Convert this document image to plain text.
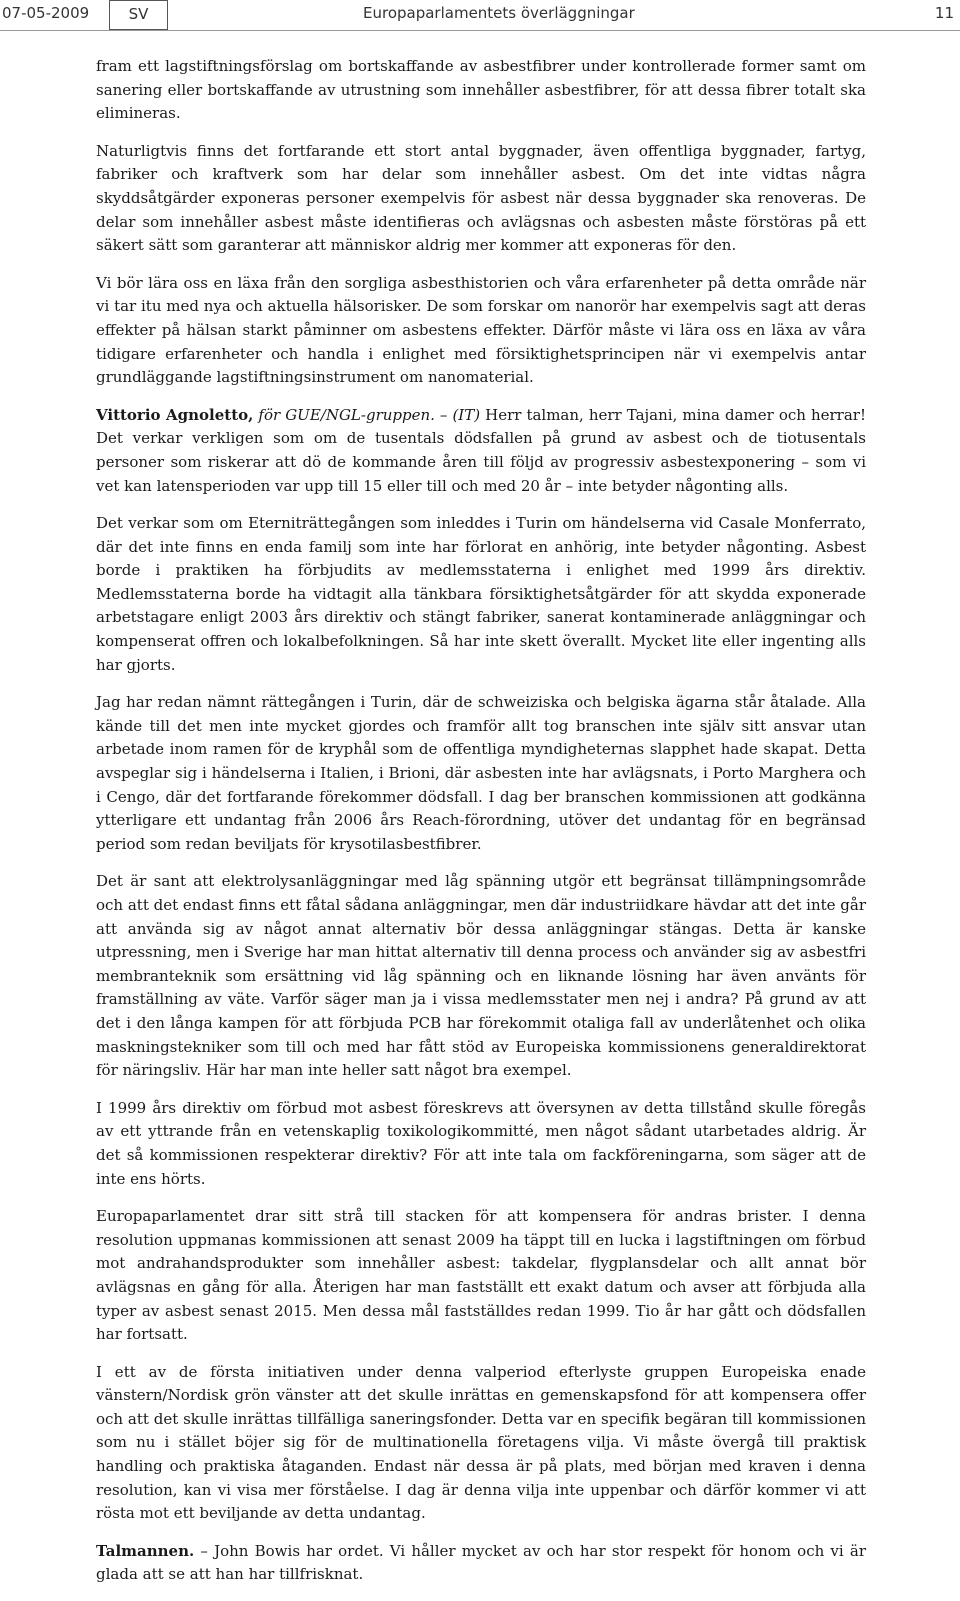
07-05-2009	SV	Europaparlamentets överläggningar	11

fram ett lagstiftningsförslag om bortskaffande av asbestfibrer under kontrollerade former samt om sanering eller bortskaffande av utrustning som innehåller asbestfibrer, för att dessa fibrer totalt ska elimineras.

Naturligtvis finns det fortfarande ett stort antal byggnader, även offentliga byggnader, fartyg, fabriker och kraftverk som har delar som innehåller asbest. Om det inte vidtas några skyddsåtgärder exponeras personer exempelvis för asbest när dessa byggnader ska renoveras. De delar som innehåller asbest måste identifieras och avlägsnas och asbesten måste förstöras på ett säkert sätt som garanterar att människor aldrig mer kommer att exponeras för den.

Vi bör lära oss en läxa från den sorgliga asbesthistorien och våra erfarenheter på detta område när vi tar itu med nya och aktuella hälsorisker. De som forskar om nanorör har exempelvis sagt att deras effekter på hälsan starkt påminner om asbestens effekter. Därför måste vi lära oss en läxa av våra tidigare erfarenheter och handla i enlighet med försiktighetsprincipen när vi exempelvis antar grundläggande lagstiftningsinstrument om nanomaterial.

Vittorio Agnoletto, för GUE/NGL-gruppen. – (IT) Herr talman, herr Tajani, mina damer och herrar! Det verkar verkligen som om de tusentals dödsfallen på grund av asbest och de tiotusentals personer som riskerar att dö de kommande åren till följd av progressiv asbestexponering – som vi vet kan latensperioden var upp till 15 eller till och med 20 år – inte betyder någonting alls.

Det verkar som om Eterniträttegången som inleddes i Turin om händelserna vid Casale Monferrato, där det inte finns en enda familj som inte har förlorat en anhörig, inte betyder någonting. Asbest borde i praktiken ha förbjudits av medlemsstaterna i enlighet med 1999 års direktiv. Medlemsstaterna borde ha vidtagit alla tänkbara försiktighetsåtgärder för att skydda exponerade arbetstagare enligt 2003 års direktiv och stängt fabriker, sanerat kontaminerade anläggningar och kompenserat offren och lokalbefolkningen. Så har inte skett överallt. Mycket lite eller ingenting alls har gjorts.

Jag har redan nämnt rättegången i Turin, där de schweiziska och belgiska ägarna står åtalade. Alla kände till det men inte mycket gjordes och framför allt tog branschen inte själv sitt ansvar utan arbetade inom ramen för de kryphål som de offentliga myndigheternas slapphet hade skapat. Detta avspeglar sig i händelserna i Italien, i Brioni, där asbesten inte har avlägsnats, i Porto Marghera och i Cengo, där det fortfarande förekommer dödsfall. I dag ber branschen kommissionen att godkänna ytterligare ett undantag från 2006 års Reach-förordning, utöver det undantag för en begränsad period som redan beviljats för krysotilasbestfibrer.

Det är sant att elektrolysanläggningar med låg spänning utgör ett begränsat tillämpningsområde och att det endast finns ett fåtal sådana anläggningar, men där industriidkare hävdar att det inte går att använda sig av något annat alternativ bör dessa anläggningar stängas. Detta är kanske utpressning, men i Sverige har man hittat alternativ till denna process och använder sig av asbestfri membranteknik som ersättning vid låg spänning och en liknande lösning har även använts för framställning av väte. Varför säger man ja i vissa medlemsstater men nej i andra? På grund av att det i den långa kampen för att förbjuda PCB har förekommit otaliga fall av underlåtenhet och olika maskningstekniker som till och med har fått stöd av Europeiska kommissionens generaldirektorat för näringsliv. Här har man inte heller satt något bra exempel.

I 1999 års direktiv om förbud mot asbest föreskrevs att översynen av detta tillstånd skulle föregås av ett yttrande från en vetenskaplig toxikologikommitté, men något sådant utarbetades aldrig. Är det så kommissionen respekterar direktiv? För att inte tala om fackföreningarna, som säger att de inte ens hörts.

Europaparlamentet drar sitt strå till stacken för att kompensera för andras brister. I denna resolution uppmanas kommissionen att senast 2009 ha täppt till en lucka i lagstiftningen om förbud mot andrahandsprodukter som innehåller asbest: takdelar, flygplansdelar och allt annat bör avlägsnas en gång för alla. Återigen har man fastställt ett exakt datum och avser att förbjuda alla typer av asbest senast 2015. Men dessa mål fastställdes redan 1999. Tio år har gått och dödsfallen har fortsatt.

I ett av de första initiativen under denna valperiod efterlyste gruppen Europeiska enade vänstern/Nordisk grön vänster att det skulle inrättas en gemenskapsfond för att kompensera offer och att det skulle inrättas tillfälliga saneringsfonder. Detta var en specifik begäran till kommissionen som nu i stället böjer sig för de multinationella företagens vilja. Vi måste övergå till praktisk handling och praktiska åtaganden. Endast när dessa är på plats, med början med kraven i denna resolution, kan vi visa mer förståelse. I dag är denna vilja inte uppenbar och därför kommer vi att rösta mot ett beviljande av detta undantag.

Talmannen. – John Bowis har ordet. Vi håller mycket av och har stor respekt för honom och vi är glada att se att han har tillfrisknat.
